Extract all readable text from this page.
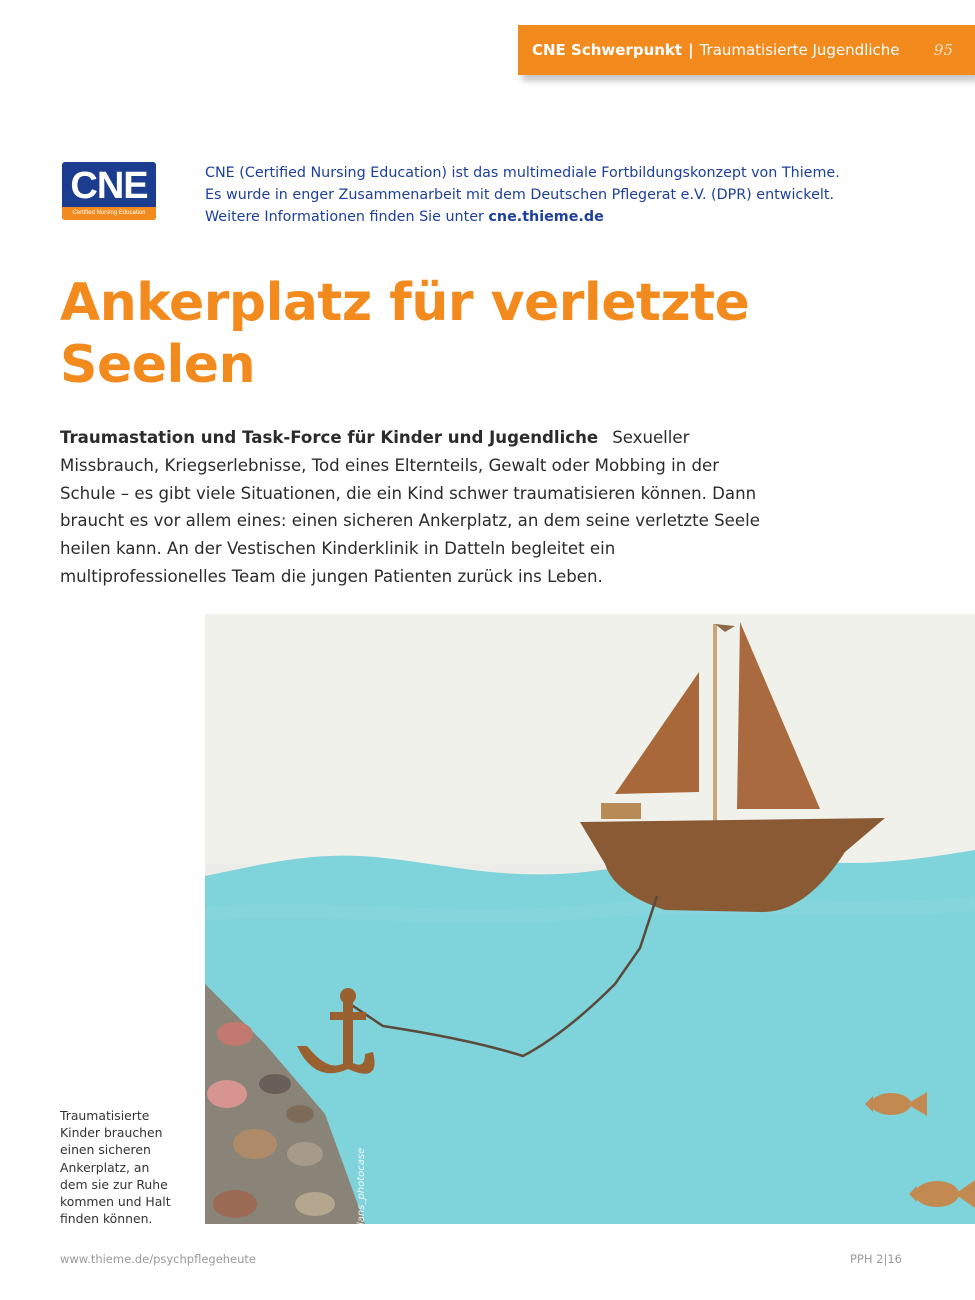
CNE Schwerpunkt | Traumatisierte Jugendliche 95
CNE
Certified Nursing Education
CNE (Certified Nursing Education) ist das multimediale Fortbildungskonzept von Thieme.
Es wurde in enger Zusammenarbeit mit dem Deutschen Pflegerat e.V. (DPR) entwickelt.
Weitere Informationen finden Sie unter cne.thieme.de
Ankerplatz für verletzte
Seelen

Traumastation und Task-Force für Kinder und Jugendliche Sexueller Missbrauch, Kriegserlebnisse, Tod eines Elternteils, Gewalt oder Mobbing in der Schule – es gibt viele Situationen, die ein Kind schwer traumatisieren können. Dann braucht es vor allem eines: einen sicheren Ankerplatz, an dem seine verletzte Seele heilen kann. An der Vestischen Kinderklinik in Datteln begleitet ein multiprofessionelles Team die jungen Patienten zurück ins Leben.

lans_photocase
Traumatisierte Kinder brauchen einen sicheren Ankerplatz, an dem sie zur Ruhe kommen und Halt finden können.
www.thieme.de/psychpflegeheute	PPH 2|16
